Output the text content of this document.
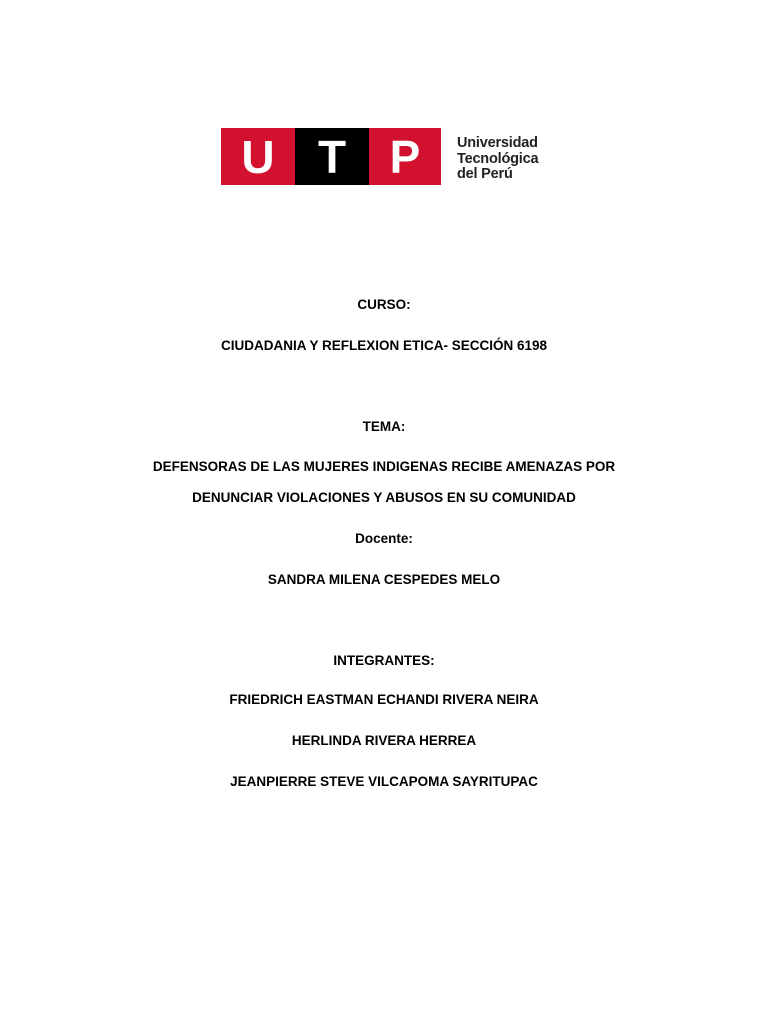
U T P	Universidad
Tecnológica
del Perú
CURSO:
CIUDADANIA Y REFLEXION ETICA- SECCIÓN 6198
TEMA:
DEFENSORAS DE LAS MUJERES INDIGENAS RECIBE AMENAZAS POR
DENUNCIAR VIOLACIONES Y ABUSOS EN SU COMUNIDAD
Docente:
SANDRA MILENA CESPEDES MELO
INTEGRANTES:
FRIEDRICH EASTMAN ECHANDI RIVERA NEIRA
HERLINDA RIVERA HERREA
JEANPIERRE STEVE VILCAPOMA SAYRITUPAC
